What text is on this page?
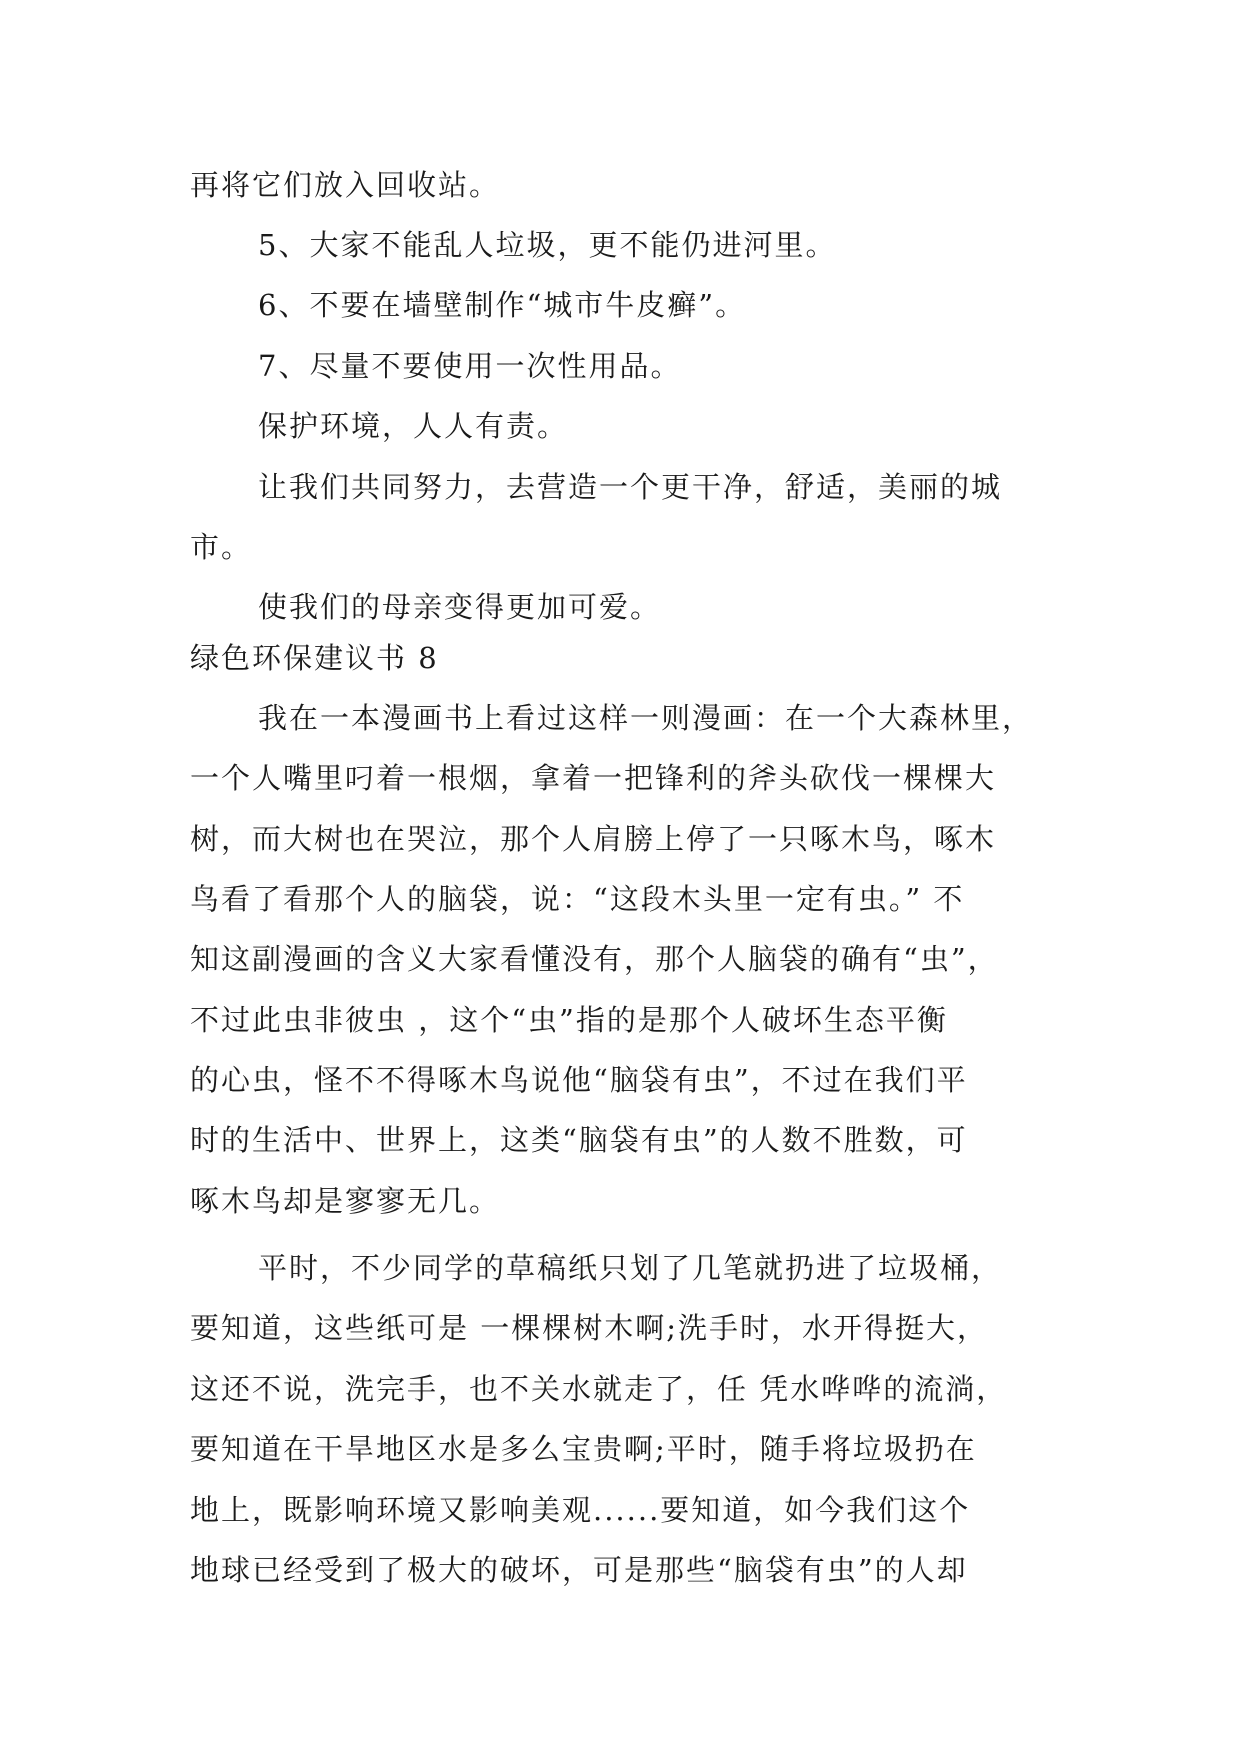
再将它们放入回收站。
5、大家不能乱人垃圾，更不能仍进河里。
6、不要在墙壁制作“城市牛皮癣”。
7、尽量不要使用一次性用品。
保护环境，人人有责。
让我们共同努力，去营造一个更干净，舒适，美丽的城
市。
使我们的母亲变得更加可爱。
绿色环保建议书 8
我在一本漫画书上看过这样一则漫画：在一个大森林里，
一个人嘴里叼着一根烟，拿着一把锋利的斧头砍伐一棵棵大
树，而大树也在哭泣，那个人肩膀上停了一只啄木鸟，啄木
鸟看了看那个人的脑袋，说：“这段木头里一定有虫。” 不
知这副漫画的含义大家看懂没有，那个人脑袋的确有“虫”，
不过此虫非彼虫 ，这个“虫”指的是那个人破坏生态平衡
的心虫，怪不不得啄木鸟说他“脑袋有虫”，不过在我们平
时的生活中、世界上，这类“脑袋有虫”的人数不胜数，可
啄木鸟却是寥寥无几。
平时，不少同学的草稿纸只划了几笔就扔进了垃圾桶，
要知道，这些纸可是 一棵棵树木啊;洗手时，水开得挺大，
这还不说，洗完手，也不关水就走了，任 凭水哗哗的流淌，
要知道在干旱地区水是多么宝贵啊;平时，随手将垃圾扔在
地上，既影响环境又影响美观......要知道，如今我们这个
地球已经受到了极大的破坏，可是那些“脑袋有虫”的人却
